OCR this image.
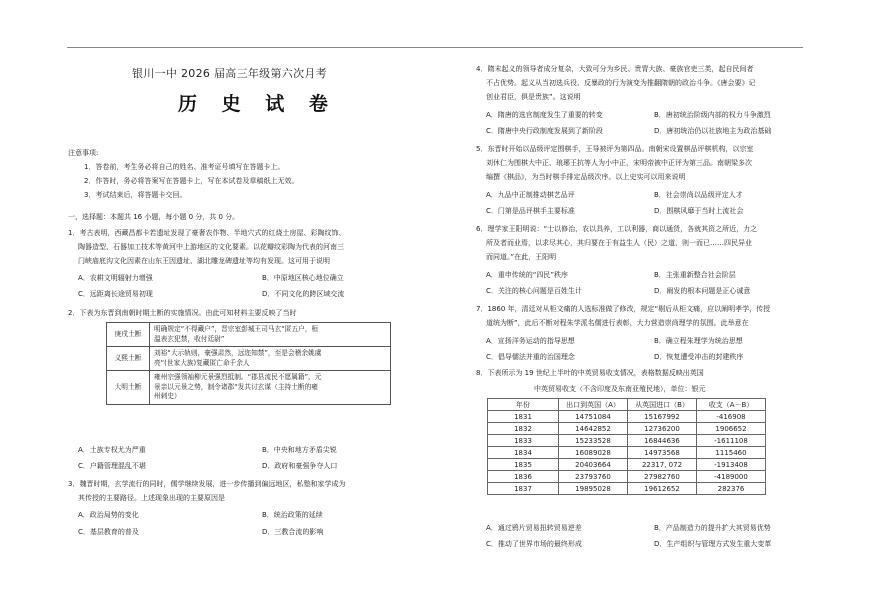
银川一中 2026 届高三年级第六次月考
历 史 试 卷
注意事项:
1．答卷前，考生务必将自己的姓名、准考证号填写在答题卡上。
2．作答时，务必将答案写在答题卡上，写在本试卷及草稿纸上无效。
3．考试结束后，将答题卡交回。
一、选择题：本题共 16 小题，每小题 0 分，共 0 分。
1．考古表明，西藏昌都卡若遗址发现了豪奢农作物、半地穴式的红烧土房屋、彩陶纹饰、
陶器造型、石器加工技术等黄河中上游地区的文化要素。以花瓣纹彩陶为代表的河南三
门峡庙底沟文化因素在山东王因遗址、湖北雕龙碑遗址等均有发现。这可用于说明
A．农耕文明辐射力增强	B．中原地区核心地位确立
C．远距离长途贸易初现	D．不同文化的跨区域交流
2．下表为东晋到南朝时期土断的实施情况。由此可知材料主要反映了当时
庚戌土断	明确规定“不得藏户”，晋宗室彭城王司马玄“匿五户，桓
温表玄犯禁，收付廷尉”

义熙土断	刘裕“大示轨则，豪强肃然，远迩知禁”，至是会稽余姚虞
亮“(世家大族)复藏匿亡命千余人

大明土断	雍州宗强领袖柳元景强烈抵制。“郡县流民不愿属籍”，元
景亲以元景之势，制令诸郡“发共讨玄谋（主持土断的雍
州刺史）
A．土族专权尤为严重	B．中央和地方矛盾尖锐
C．户籍管理混乱不堪	D．政府和豪强争夺人口
3．魏晋时期，玄学流行的同时，儒学继续发展，进一步传播到偏远地区，私塾和家学成为
其传授的主要路径。上述现象出现的主要原因是
A．政治局势的变化	B．统治政策的延续
C．基层教育的普及	D．三教合流的影响
4．隋末起义的领导者成分复杂，大致可分为乡民、贵胄大族、豪族官吏三类，起自民间者
不占优势。起义从当初选兵役、反暴政的行为演变为推翻隋朝的政治斗争。《唐会要》记
创业君臣，俱是贵族”。这说明
A．隋唐的选官制度发生了重要的转变	B．唐初统治阶级内部的权力斗争激烈
C．隋唐中央行政制度发展到了新阶段	D．唐初统治仍以社族地主为政治基础
5．东晋时开始以品级评定围棋手，王导被评为第四品。南朝宋设置棋品评棋机构，以宗室
刘休仁为围棋大中正、琅琊王抗等人为小中正，宋明帝被中正评为第三品。南朝梁多次
编撰《棋品》，为当时棋手排定品级次序。以上史实可以用来说明
A．九品中正制推动棋艺品评	B．社会崇尚以品级评定人才
C．门第是品评棋手主要标准	D．围棋风靡于当时上流社会
6．理学家王阳明说：“士以修治，农以具养，工以利器，商以通货，各就其资之所近，力之
所及者而业焉，以求尽其心，其归要在于有益生人（民）之道，则一而已……四民异业
而同道。”在此，王阳明
A．重申传统的“四民”秩序	B．主张重新整合社会阶层
C．关注的核心问题是百姓生计	D．阐发的根本问题是正心诚意
7．1860 年，清廷对从柜文痛的人选标准做了修改，规定“剔后从柜文痛，应以阐明孝学，传授
道统为断”，此后不断对程朱学派名儒进行表彰，大力营造崇尚理学的氛围。此举意在
A．宣扬洋务运动的指导思想	B．确立程朱理学为统治思想
C．倡导儒法并重的治国理念	D．恢复遭受冲击的封建秩序
8．下表所示为 19 世纪上半叶的中英贸易收支情况，表格数据反映出英国
中英贸易收支（不含印度及东南亚殖民地），单位：银元
年份	出口到英国（A）	从英国进口（B）	收支（A－B）
1831	14751084	15167992	-416908
1832	14642852	12736200	1906652
1833	15233528	16844636	-1611108
1834	16089028	14973568	1115460
1835	20403664	22317, 072	-1913408
1836	23793760	27982760	-4189000
1837	19895028	19612652	282376
A．通过鸦片贸易扭转贸易逆差	B．产品制造力的提升扩大其贸易优势
C．推动了世界市场的最终形成	D．生产组织与管理方式发生重大变革
